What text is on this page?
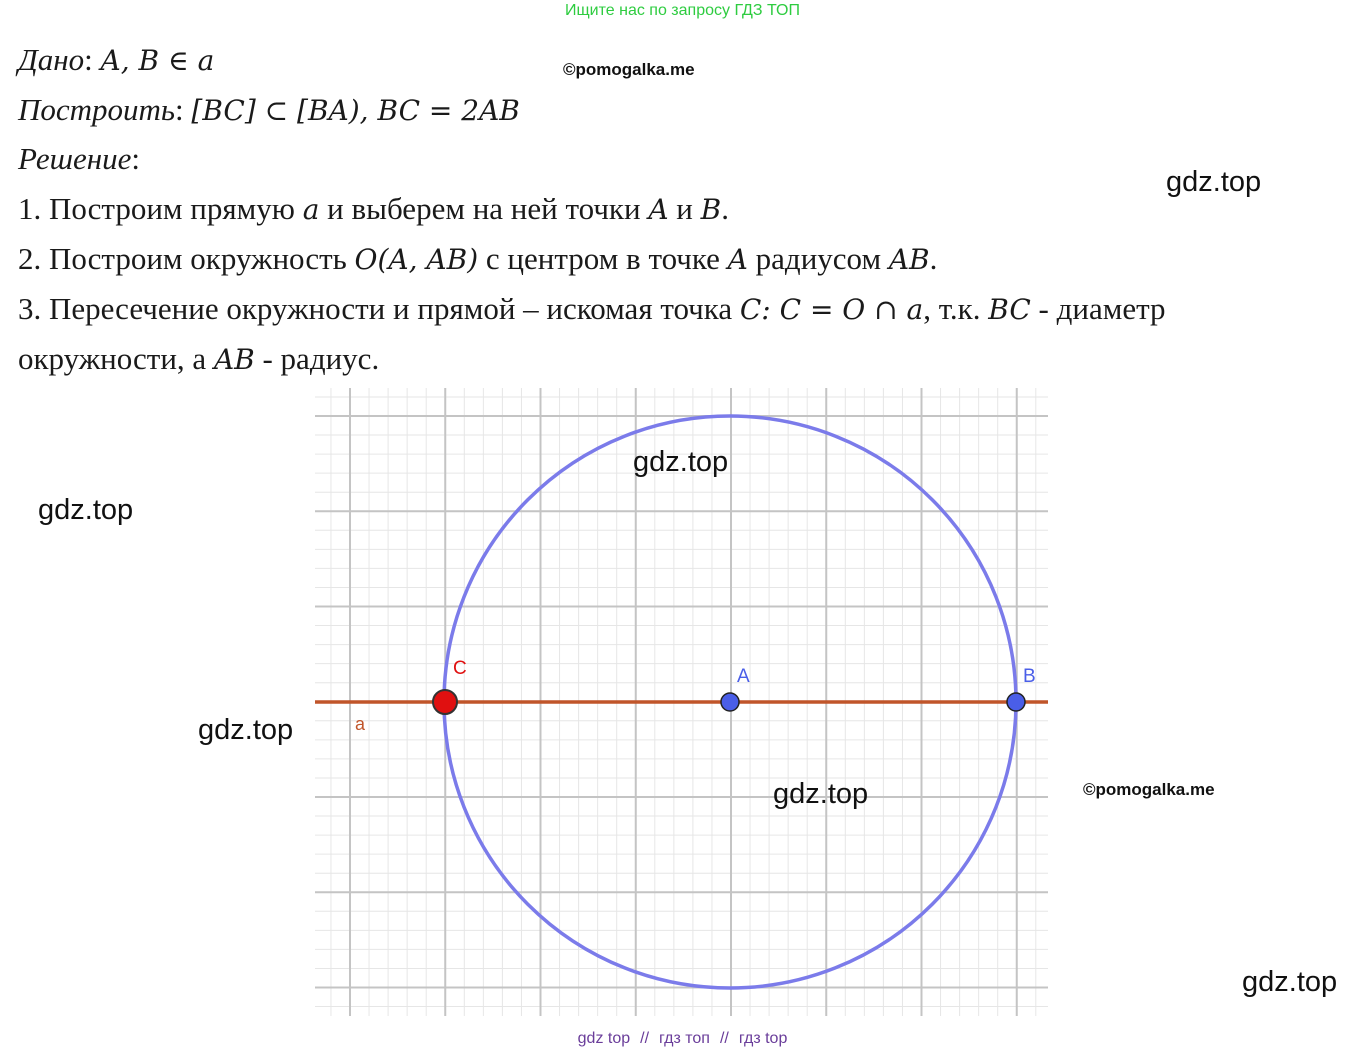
Ищите нас по запросу ГДЗ ТОП
Дано: A, B ∈ a
Построить: [BC] ⊂ [BA), BC = 2AB
Решение:
1. Построим прямую a и выберем на ней точки A и B.
2. Построим окружность O(A, AB) с центром в точке A радиусом AB.
3. Пересечение окружности и прямой – искомая точка C: C = O ∩ a, т.к. BC - диаметр
окружности, а AB - радиус.
©pomogalka.me
gdz.top
gdz.top
gdz.top
©pomogalka.me
gdz.top
C	A	B
a
gdz.top
gdz.top
gdz top // гдз топ // гдз top
